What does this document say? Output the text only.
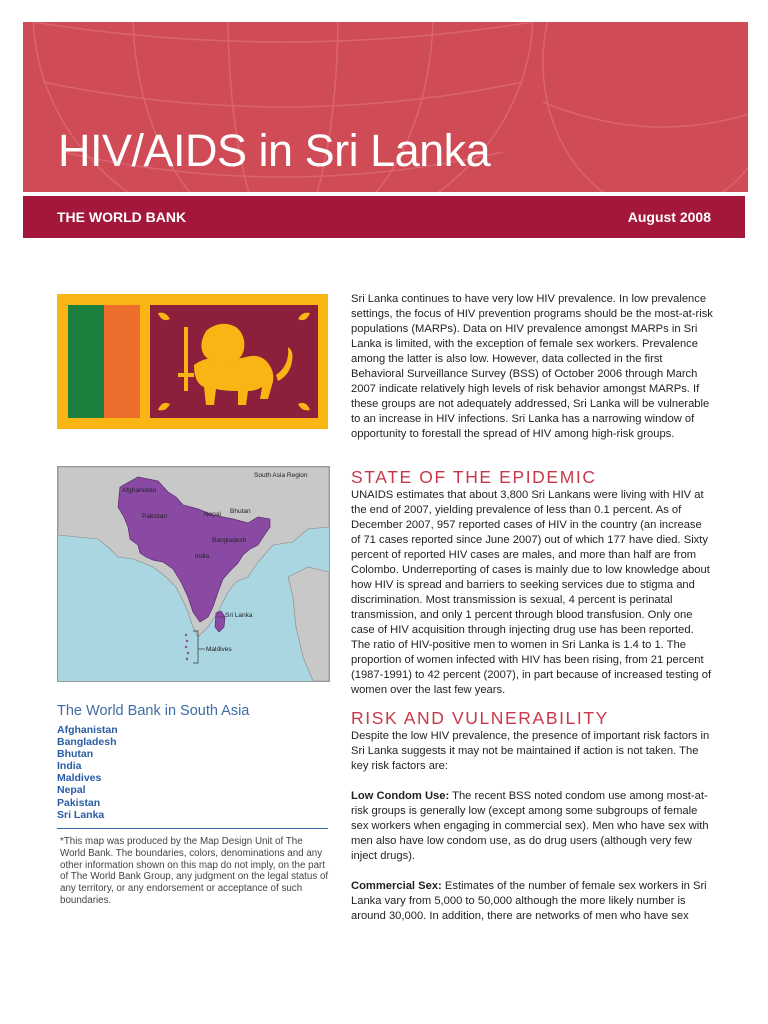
HIV/AIDS in Sri Lanka
THE WORLD BANK	August 2008
South Asia Region
Afghanistan
Pakistan	Nepal Bhutan
Bangladesh
India
Sri Lanka
Maldives
The World Bank in South Asia
Afghanistan
Bangladesh
Bhutan
India
Maldives
Nepal
Pakistan
Sri Lanka
*This map was produced by the Map Design Unit of The World Bank. The boundaries, colors, denominations and any other information shown on this map do not imply, on the part of The World Bank Group, any judgment on the legal status of any territory, or any endorsement or acceptance of such boundaries.

Sri Lanka continues to have very low HIV prevalence. In low prevalence settings, the focus of HIV prevention programs should be the most-at-risk populations (MARPs). Data on HIV prevalence amongst MARPs in Sri Lanka is limited, with the exception of female sex workers. Prevalence among the latter is also low. However, data collected in the first Behavioral Surveillance Survey (BSS) of October 2006 through March 2007 indicate relatively high levels of risk behavior amongst MARPs. If these groups are not adequately addressed, Sri Lanka will be vulnerable to an increase in HIV infections. Sri Lanka has a narrowing window of opportunity to forestall the spread of HIV among high-risk groups.

STATE OF THE EPIDEMIC

UNAIDS estimates that about 3,800 Sri Lankans were living with HIV at the end of 2007, yielding prevalence of less than 0.1 percent. As of December 2007, 957 reported cases of HIV in the country (an increase of 71 cases reported since June 2007) out of which 177 have died. Sixty percent of reported HIV cases are males, and more than half are from Colombo. Underreporting of cases is mainly due to low knowledge about how HIV is spread and barriers to seeking services due to stigma and discrimination. Most transmission is sexual, 4 percent is perinatal transmission, and only 1 percent through blood transfusion. Only one case of HIV acquisition through injecting drug use has been reported. The ratio of HIV-positive men to women in Sri Lanka is 1.4 to 1. The proportion of women infected with HIV has been rising, from 21 percent (1987-1991) to 42 percent (2007), in part because of increased testing of women over the last few years.

RISK AND VULNERABILITY

Despite the low HIV prevalence, the presence of important risk factors in Sri Lanka suggests it may not be maintained if action is not taken. The key risk factors are:

Low Condom Use: The recent BSS noted condom use among most-at-risk groups is generally low (except among some subgroups of female sex workers when engaging in commercial sex). Men who have sex with men also have low condom use, as do drug users (although very few inject drugs).

Commercial Sex: Estimates of the number of female sex workers in Sri Lanka vary from 5,000 to 50,000 although the more likely number is around 30,000. In addition, there are networks of men who have sex
